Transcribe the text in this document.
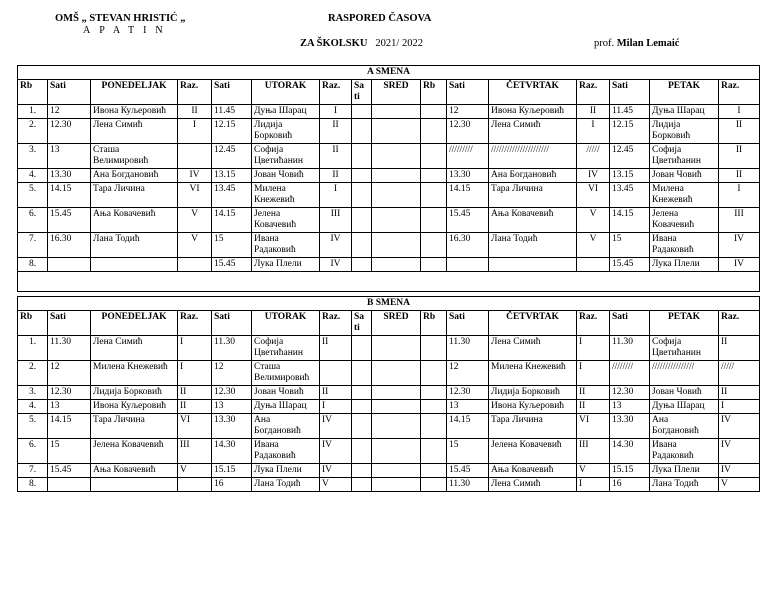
OMŠ „ STEVAN HRISTIĆ „
APATIN
RASPORED ČASOVA
ZA ŠKOLSKU 2021/ 2022	prof. Milan Lemaić
A SMENA															
Rb	Sati	PONEDELJAK	Raz.	Sati	UTORAK	Raz.	Sa ti	SRED	Rb	Sati	ČETVRTAK	Raz.	Sati	PETAK	Raz.
1.	12	Ивона Куљеровић	II	11.45	Дуња Шарац	I				12	Ивона Куљеровић	II	11.45	Дуња Шарац	I
2.	12.30	Лена Симић	I	12.15	Лидија Борковић	II				12.30	Лена Симић	I	12.15	Лидија Борковић	II
3.	13	Сташа Велимировић		12.45	Софија Цветићанин	II				/////////	//////////////////////	/////	12.45	Софија Цветићанин	II
4.	13.30	Ана Богдановић	IV	13.15	Јован Човић	II				13.30	Ана Богдановић	IV	13.15	Јован Човић	II
5.	14.15	Тара Личина	VI	13.45	Милена Кнежевић	I				14.15	Тара Личина	VI	13.45	Милена Кнежевић	I
6.	15.45	Ања Ковачевић	V	14.15	Јелена Ковачевић	III				15.45	Ања Ковачевић	V	14.15	Јелена Ковачевић	III
7.	16.30	Лана Тодић	V	15	Ивана Радаковић	IV				16.30	Лана Тодић	V	15	Ивана Радаковић	IV
8.				15.45	Лука Плели	IV							15.45	Лука Плели	IV

B SMENA															
Rb	Sati	PONEDELJAK	Raz.	Sati	UTORAK	Raz.	Sa ti	SRED	Rb	Sati	ČETVRTAK	Raz.	Sati	PETAK	Raz.
1.	11.30	Лена Симић	I	11.30	Софија Цветићанин	II				11.30	Лена Симић	I	11.30	Софија Цветићанин	II
2.	12	Милена Кнежевић	I	12	Сташа Велимировић					12	Милена Кнежевић	I	////////	////////////////	/////
3.	12.30	Лидија Борковић	II	12.30	Јован Човић	II				12.30	Лидија Борковић	II	12.30	Јован Човић	II
4.	13	Ивона Куљеровић	II	13	Дуња Шарац	I				13	Ивона Куљеровић	II	13	Дуња Шарац	I
5.	14.15	Тара Личина	VI	13.30	Ана Богдановић	IV				14.15	Тара Личина	VI	13.30	Ана Богдановић	IV
6.	15	Јелена Ковачевић	III	14.30	Ивана Радаковић	IV				15	Јелена Ковачевић	III	14.30	Ивана Радаковић	IV
7.	15.45	Ања Ковачевић	V	15.15	Лука Плели	IV				15.45	Ања Ковачевић	V	15.15	Лука Плели	IV
8.				16	Лана Тодић	V				11.30	Лена Симић	I	16	Лана Тодић	V
